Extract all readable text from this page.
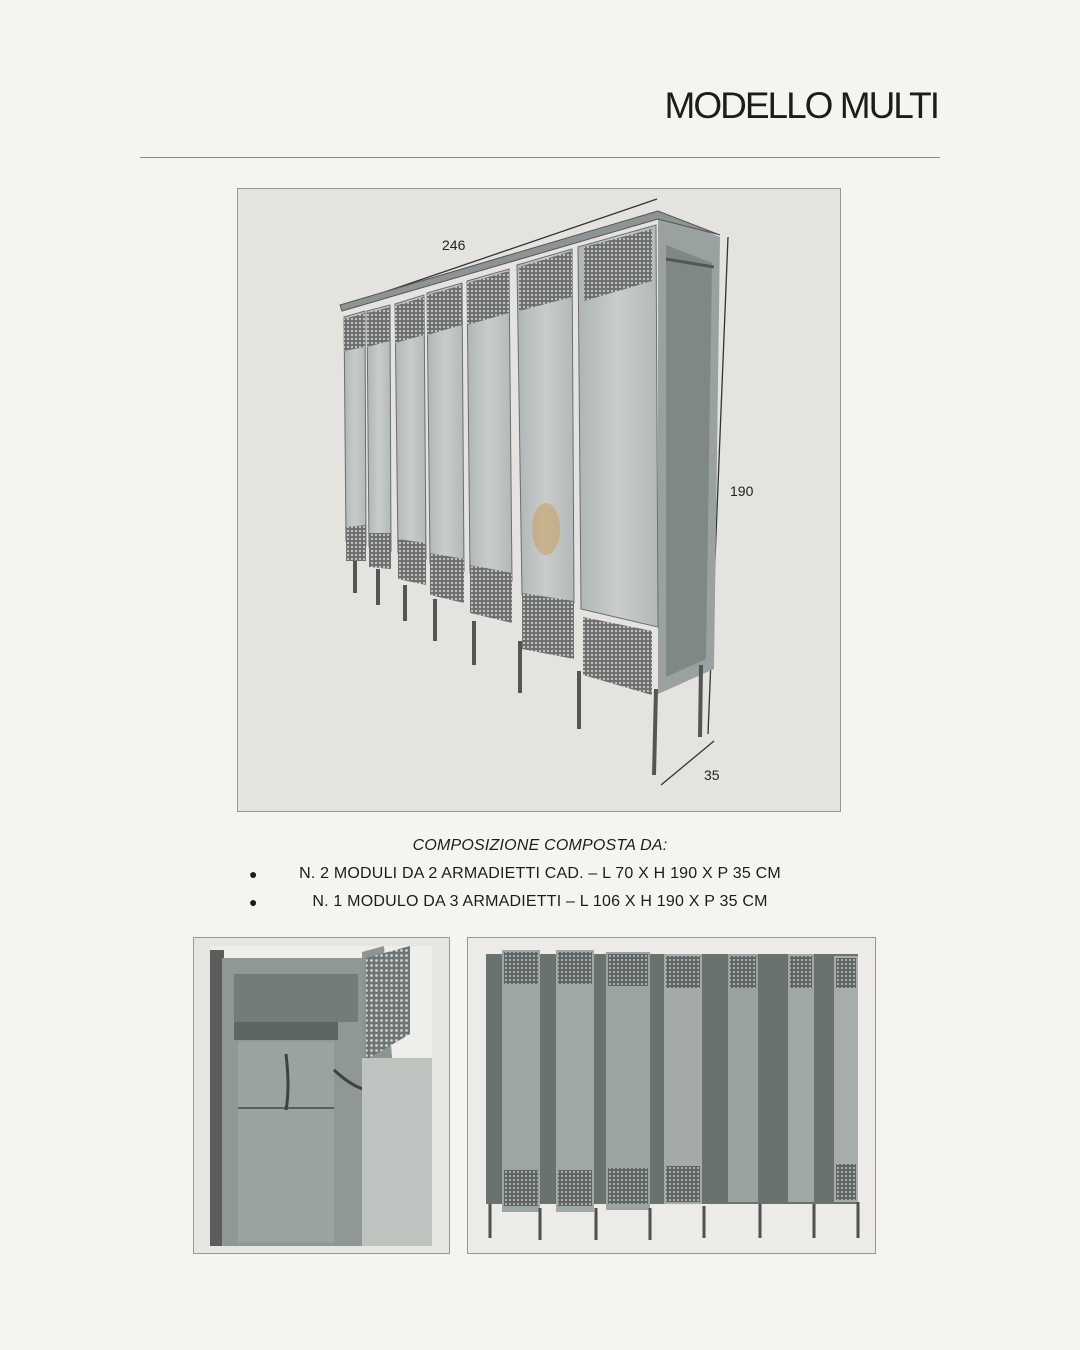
MODELLO MULTI
246
190
35

COMPOSIZIONE COMPOSTA DA:

●	N. 2 MODULI DA 2 ARMADIETTI CAD. – L 70 X H 190 X P 35 CM
●	N. 1 MODULO DA 3 ARMADIETTI – L 106 X H 190 X P 35 CM
